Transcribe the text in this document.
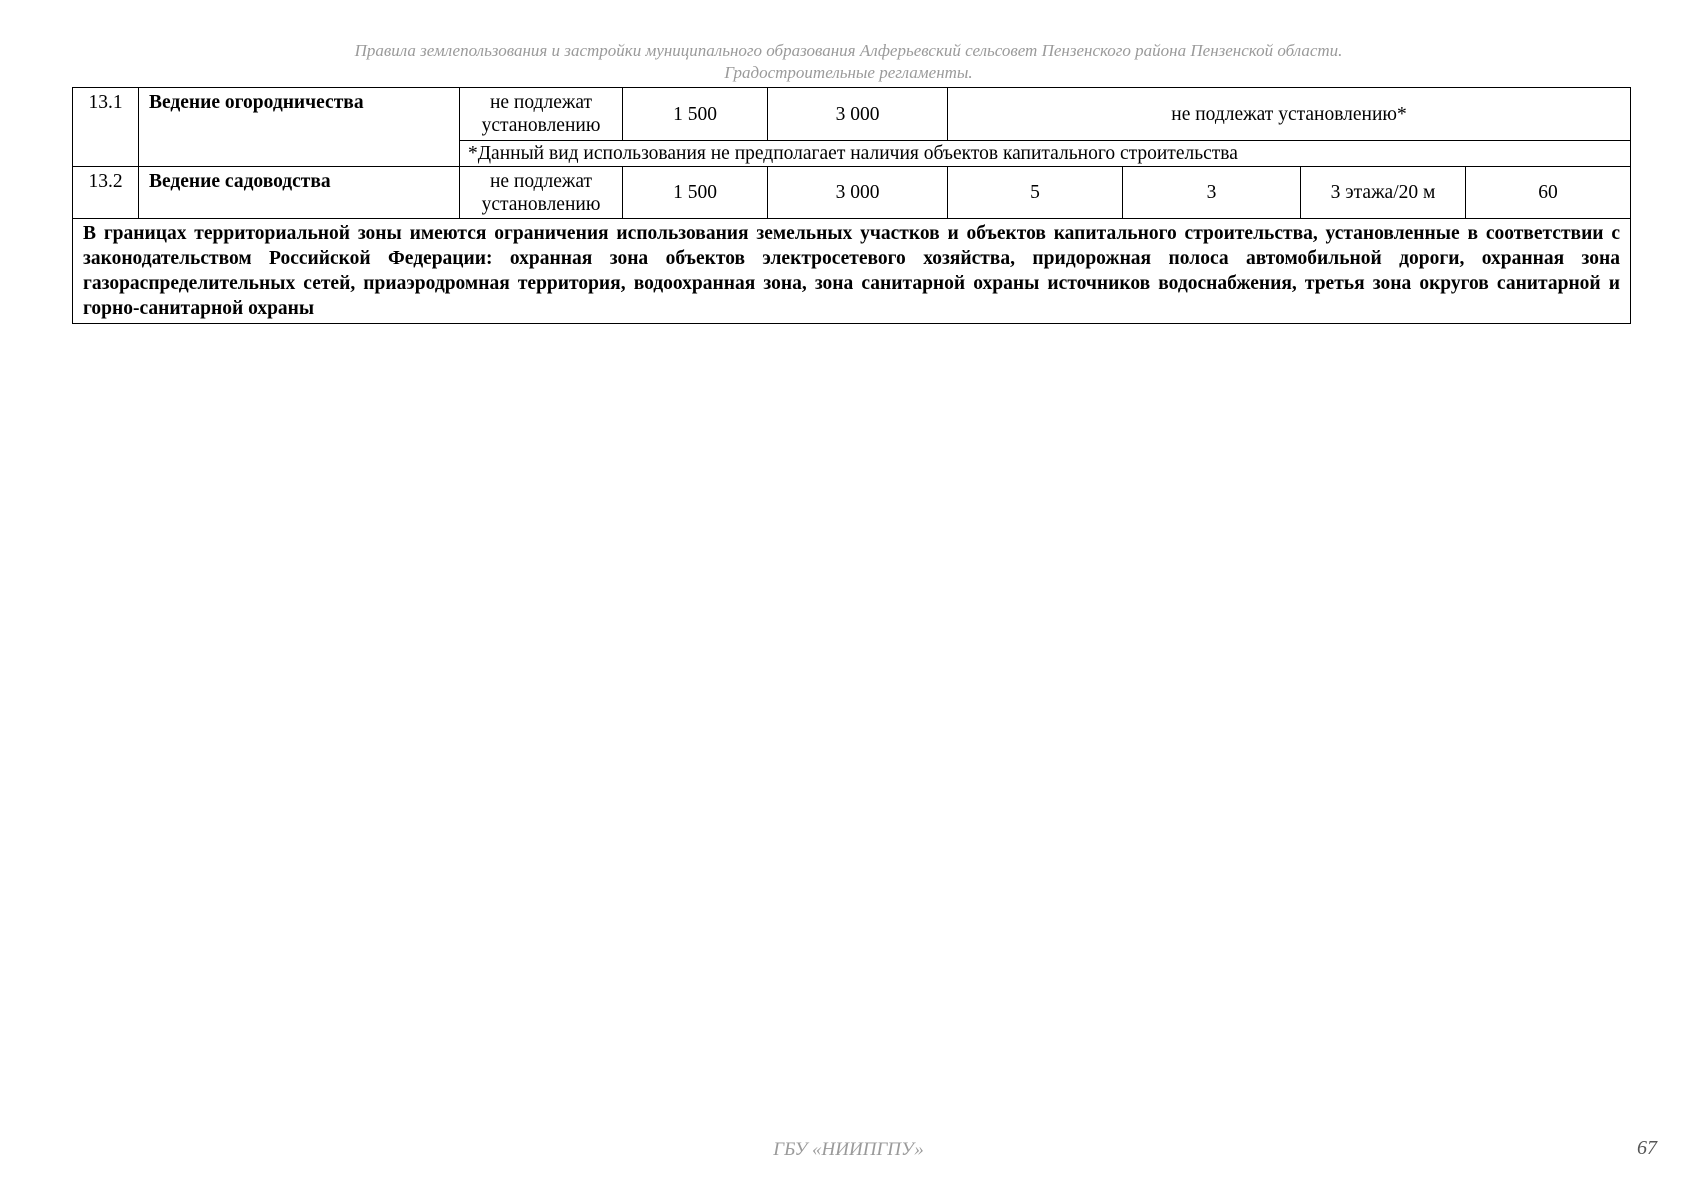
Правила землепользования и застройки муниципального образования Алферьевский сельсовет Пензенского района Пензенской области.
Градостроительные регламенты.
13.1	Ведение огородничества	не подлежат установлению	1 500	3 000	не подлежат установлению*			
		*Данный вид использования не предполагает наличия объектов капитального строительства						
13.2	Ведение садоводства	не подлежат установлению	1 500	3 000	5	3	3 этажа/20 м	60
В границах территориальной зоны имеются ограничения использования земельных участков и объектов капитального строительства, установленные в соответствии с законодательством Российской Федерации: охранная зона объектов электросетевого хозяйства, придорожная полоса автомобильной дороги, охранная зона газораспределительных сетей, приаэродромная территория, водоохранная зона, зона санитарной охраны источников водоснабжения, третья зона округов санитарной и горно-санитарной охраны								
ГБУ «НИИПГПУ»	67
